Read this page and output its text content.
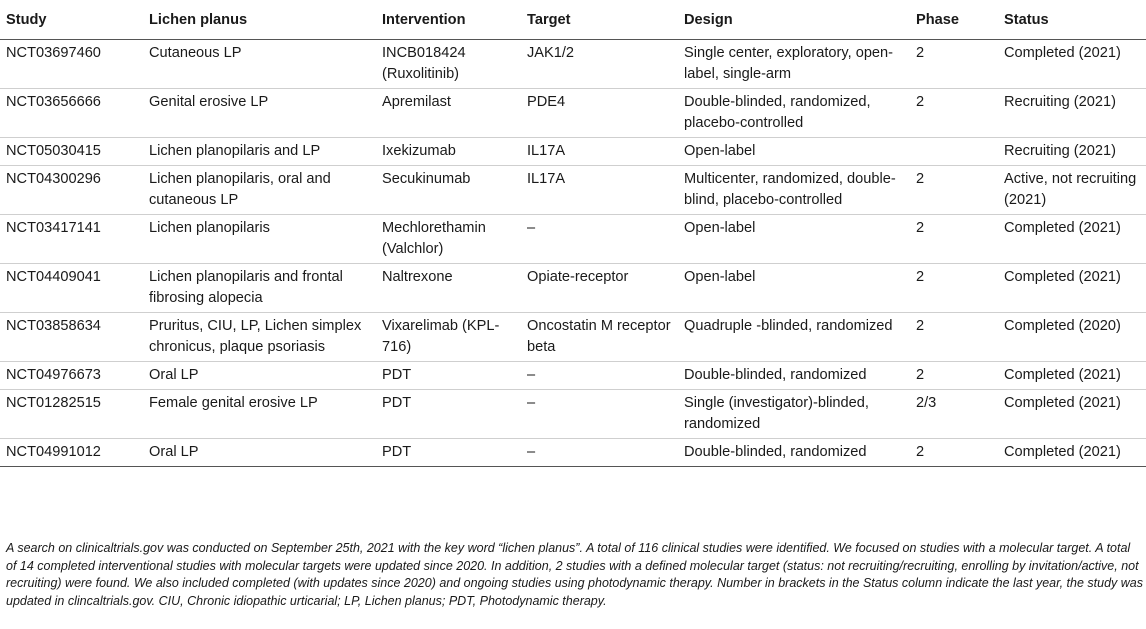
Study	Lichen planus	Intervention	Target	Design	Phase	Status
NCT03697460	Cutaneous LP	INCB018424 (Ruxolitinib)	JAK1/2	Single center, exploratory, open-label, single-arm	2	Completed (2021)
NCT03656666	Genital erosive LP	Apremilast	PDE4	Double-blinded, randomized, placebo-controlled	2	Recruiting (2021)
NCT05030415	Lichen planopilaris and LP	Ixekizumab	IL17A	Open-label		Recruiting (2021)
NCT04300296	Lichen planopilaris, oral and cutaneous LP	Secukinumab	IL17A	Multicenter, randomized, double-blind, placebo-controlled	2	Active, not recruiting (2021)
NCT03417141	Lichen planopilaris	Mechlorethamin (Valchlor)	–	Open-label	2	Completed (2021)
NCT04409041	Lichen planopilaris and frontal fibrosing alopecia	Naltrexone	Opiate-receptor	Open-label	2	Completed (2021)
NCT03858634	Pruritus, CIU, LP, Lichen simplex chronicus, plaque psoriasis	Vixarelimab (KPL-716)	Oncostatin M receptor beta	Quadruple -blinded, randomized	2	Completed (2020)
NCT04976673	Oral LP	PDT	–	Double-blinded, randomized	2	Completed (2021)
NCT01282515	Female genital erosive LP	PDT	–	Single (investigator)-blinded, randomized	2/3	Completed (2021)
NCT04991012	Oral LP	PDT	–	Double-blinded, randomized	2	Completed (2021)
A search on clinicaltrials.gov was conducted on September 25th, 2021 with the key word “lichen planus”. A total of 116 clinical studies were identified. We focused on studies with a molecular target. A total of 14 completed interventional studies with molecular targets were updated since 2020. In addition, 2 studies with a defined molecular target (status: not recruiting/recruiting, enrolling by invitation/active, not recruiting) were found. We also included completed (with updates since 2020) and ongoing studies using photodynamic therapy. Number in brackets in the Status column indicate the last year, the study was updated in clincaltrials.gov. CIU, Chronic idiopathic urticarial; LP, Lichen planus; PDT, Photodynamic therapy.
